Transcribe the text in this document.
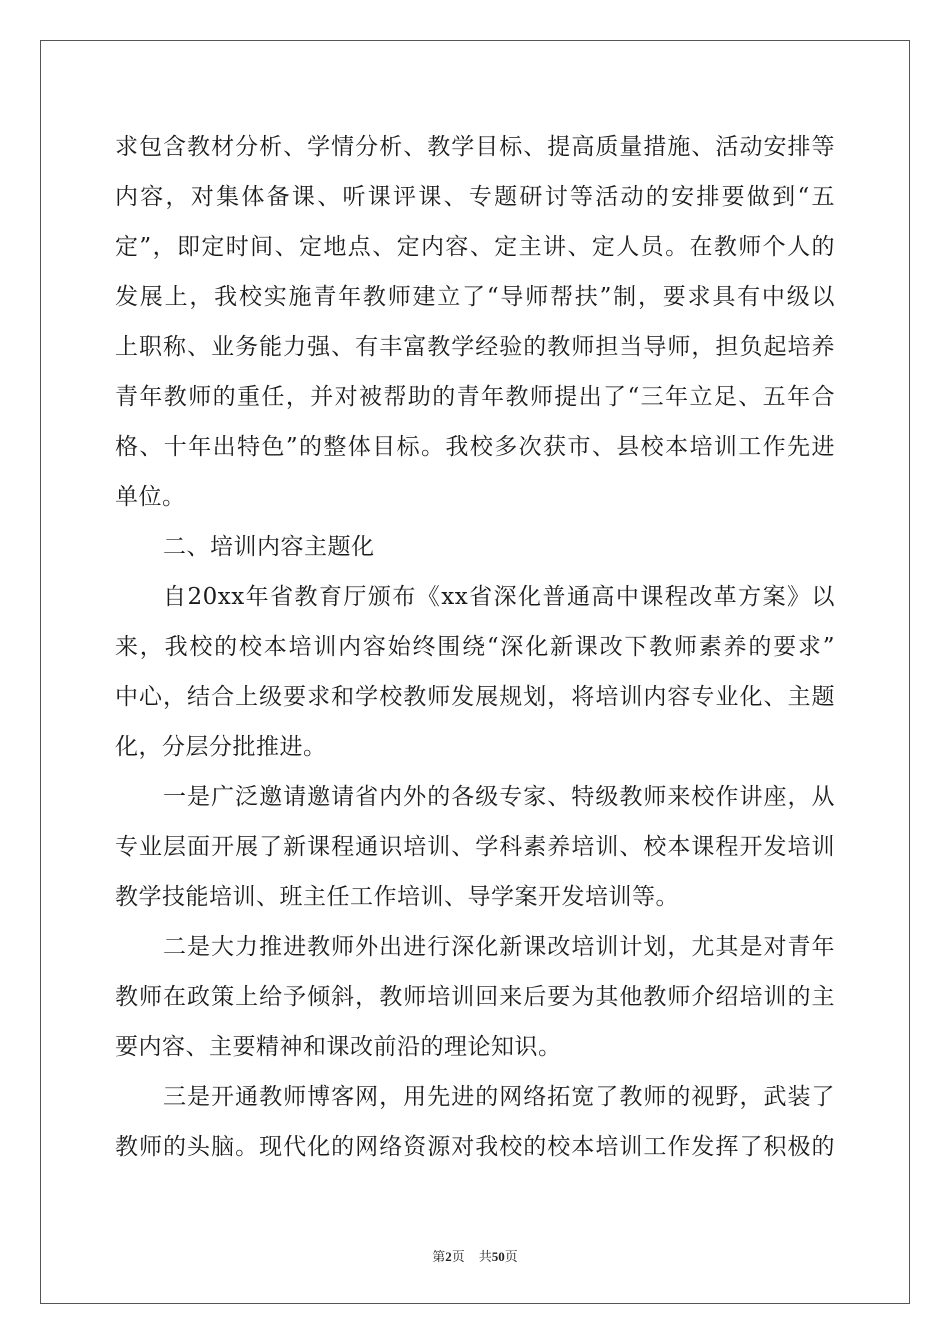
求包含教材分析、学情分析、教学目标、提高质量措施、活动安排等
内容，对集体备课、听课评课、专题研讨等活动的安排要做到“五
定”，即定时间、定地点、定内容、定主讲、定人员。在教师个人的
发展上，我校实施青年教师建立了“导师帮扶”制，要求具有中级以
上职称、业务能力强、有丰富教学经验的教师担当导师，担负起培养
青年教师的重任，并对被帮助的青年教师提出了“三年立足、五年合
格、十年出特色”的整体目标。我校多次获市、县校本培训工作先进
单位。
二、培训内容主题化
自20xx年省教育厅颁布《xx省深化普通高中课程改革方案》以
来，我校的校本培训内容始终围绕“深化新课改下教师素养的要求”
中心，结合上级要求和学校教师发展规划，将培训内容专业化、主题
化，分层分批推进。
一是广泛邀请邀请省内外的各级专家、特级教师来校作讲座，从
专业层面开展了新课程通识培训、学科素养培训、校本课程开发培训
教学技能培训、班主任工作培训、导学案开发培训等。
二是大力推进教师外出进行深化新课改培训计划，尤其是对青年
教师在政策上给予倾斜，教师培训回来后要为其他教师介绍培训的主
要内容、主要精神和课改前沿的理论知识。
三是开通教师博客网，用先进的网络拓宽了教师的视野，武装了
教师的头脑。现代化的网络资源对我校的校本培训工作发挥了积极的
第2页 共50页
